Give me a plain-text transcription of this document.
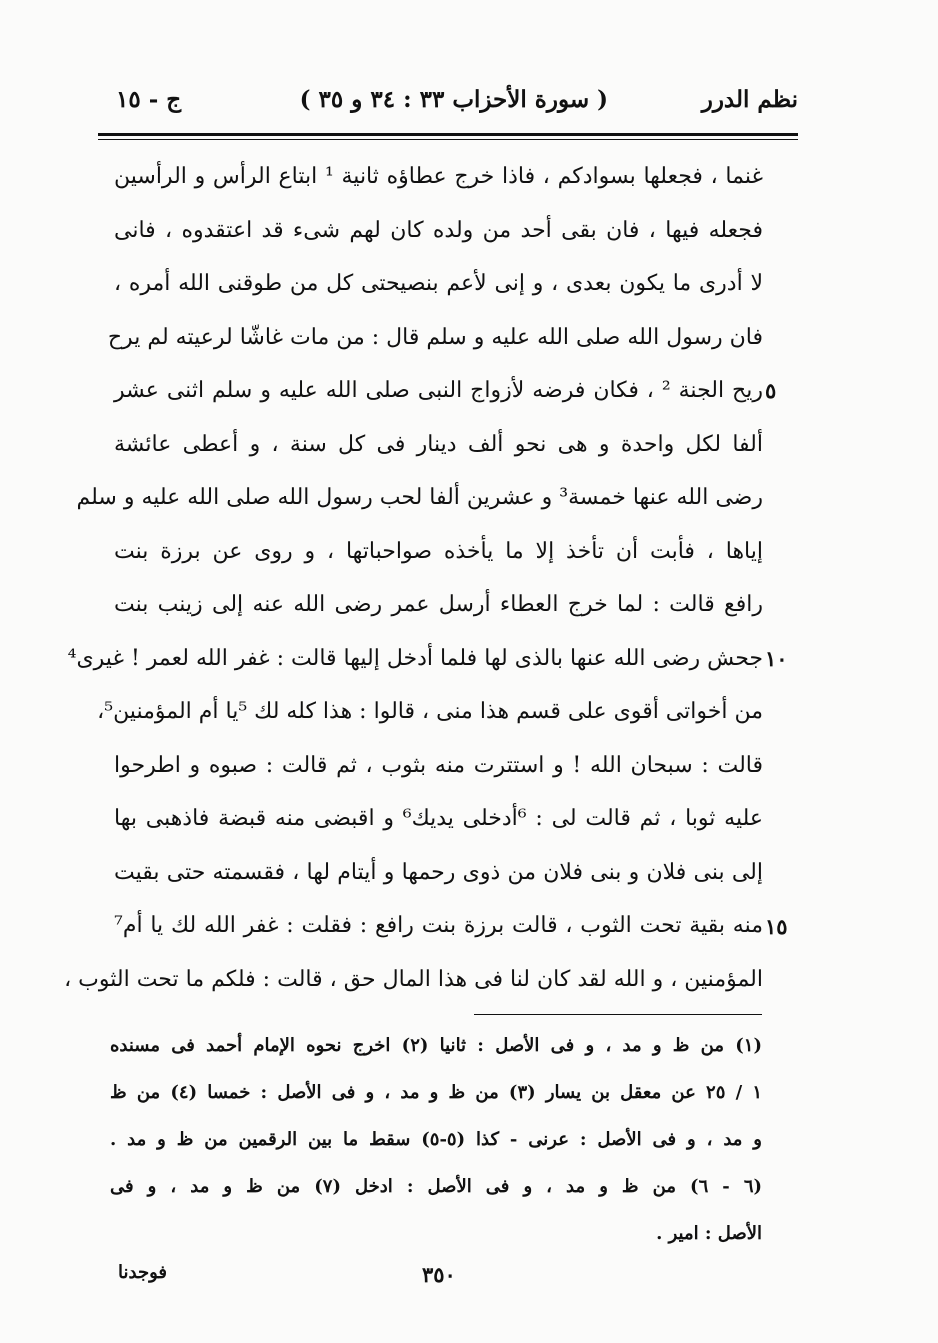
نظم الدرر
( سورة الأحزاب ٣٣ : ٣٤ و ٣٥ )
ج - ١٥
غنما ، فجعلها بسوادكم ، فاذا خرج عطاؤه ثانية ¹ ابتاع الرأس و الرأسين
فجعله فيها ، فان بقى أحد من ولده كان لهم شىء قد اعتقدوه ، فانى
لا أدرى ما يكون بعدى ، و إنى لأعم بنصيحتى كل من طوقنى الله أمره ،
فان رسول الله صلى الله عليه و سلم قال : من مات غاشّا لرعيته لم يرح
ريح الجنة ² ، فكان فرضه لأزواج النبى صلى الله عليه و سلم اثنى عشر
ألفا لكل واحدة و هى نحو ألف دينار فى كل سنة ، و أعطى عائشة
رضى الله عنها خمسة³ و عشرين ألفا لحب رسول الله صلى الله عليه و سلم
إياها ، فأبت أن تأخذ إلا ما يأخذه صواحباتها ، و روى عن برزة بنت
رافع قالت : لما خرج العطاء أرسل عمر رضى الله عنه إلى زينب بنت
جحش رضى الله عنها بالذى لها فلما أدخل إليها قالت : غفر الله لعمر ! غيرى⁴
من أخواتى أقوى على قسم هذا منى ، قالوا : هذا كله لك ⁵يا أم المؤمنين⁵،
قالت : سبحان الله ! و استترت منه بثوب ، ثم قالت : صبوه و اطرحوا
عليه ثوبا ، ثم قالت لى : ⁶أدخلى يديك⁶ و اقبضى منه قبضة فاذهبى بها
إلى بنى فلان و بنى فلان من ذوى رحمها و أيتام لها ، فقسمته حتى بقيت
منه بقية تحت الثوب ، قالت برزة بنت رافع : فقلت : غفر الله لك يا أم⁷
المؤمنين ، و الله لقد كان لنا فى هذا المال حق ، قالت : فلكم ما تحت الثوب ،
٥
١٠
١٥
(١) من ظ و مد ، و فى الأصل : ثانيا (٢) اخرج نحوه الإمام أحمد فى مسنده
١ / ٢٥ عن معقل بن يسار (٣) من ظ و مد ، و فى الأصل : خمسا (٤) من ظ
و مد ، و فى الأصل : عرنى - كذا (٥-٥) سقط ما بين الرقمين من ظ و مد .
(٦ - ٦) من ظ و مد ، و فى الأصل : ادخل (٧) من ظ و مد ، و فى
الأصل : امير .
٣٥٠
فوجدنا
